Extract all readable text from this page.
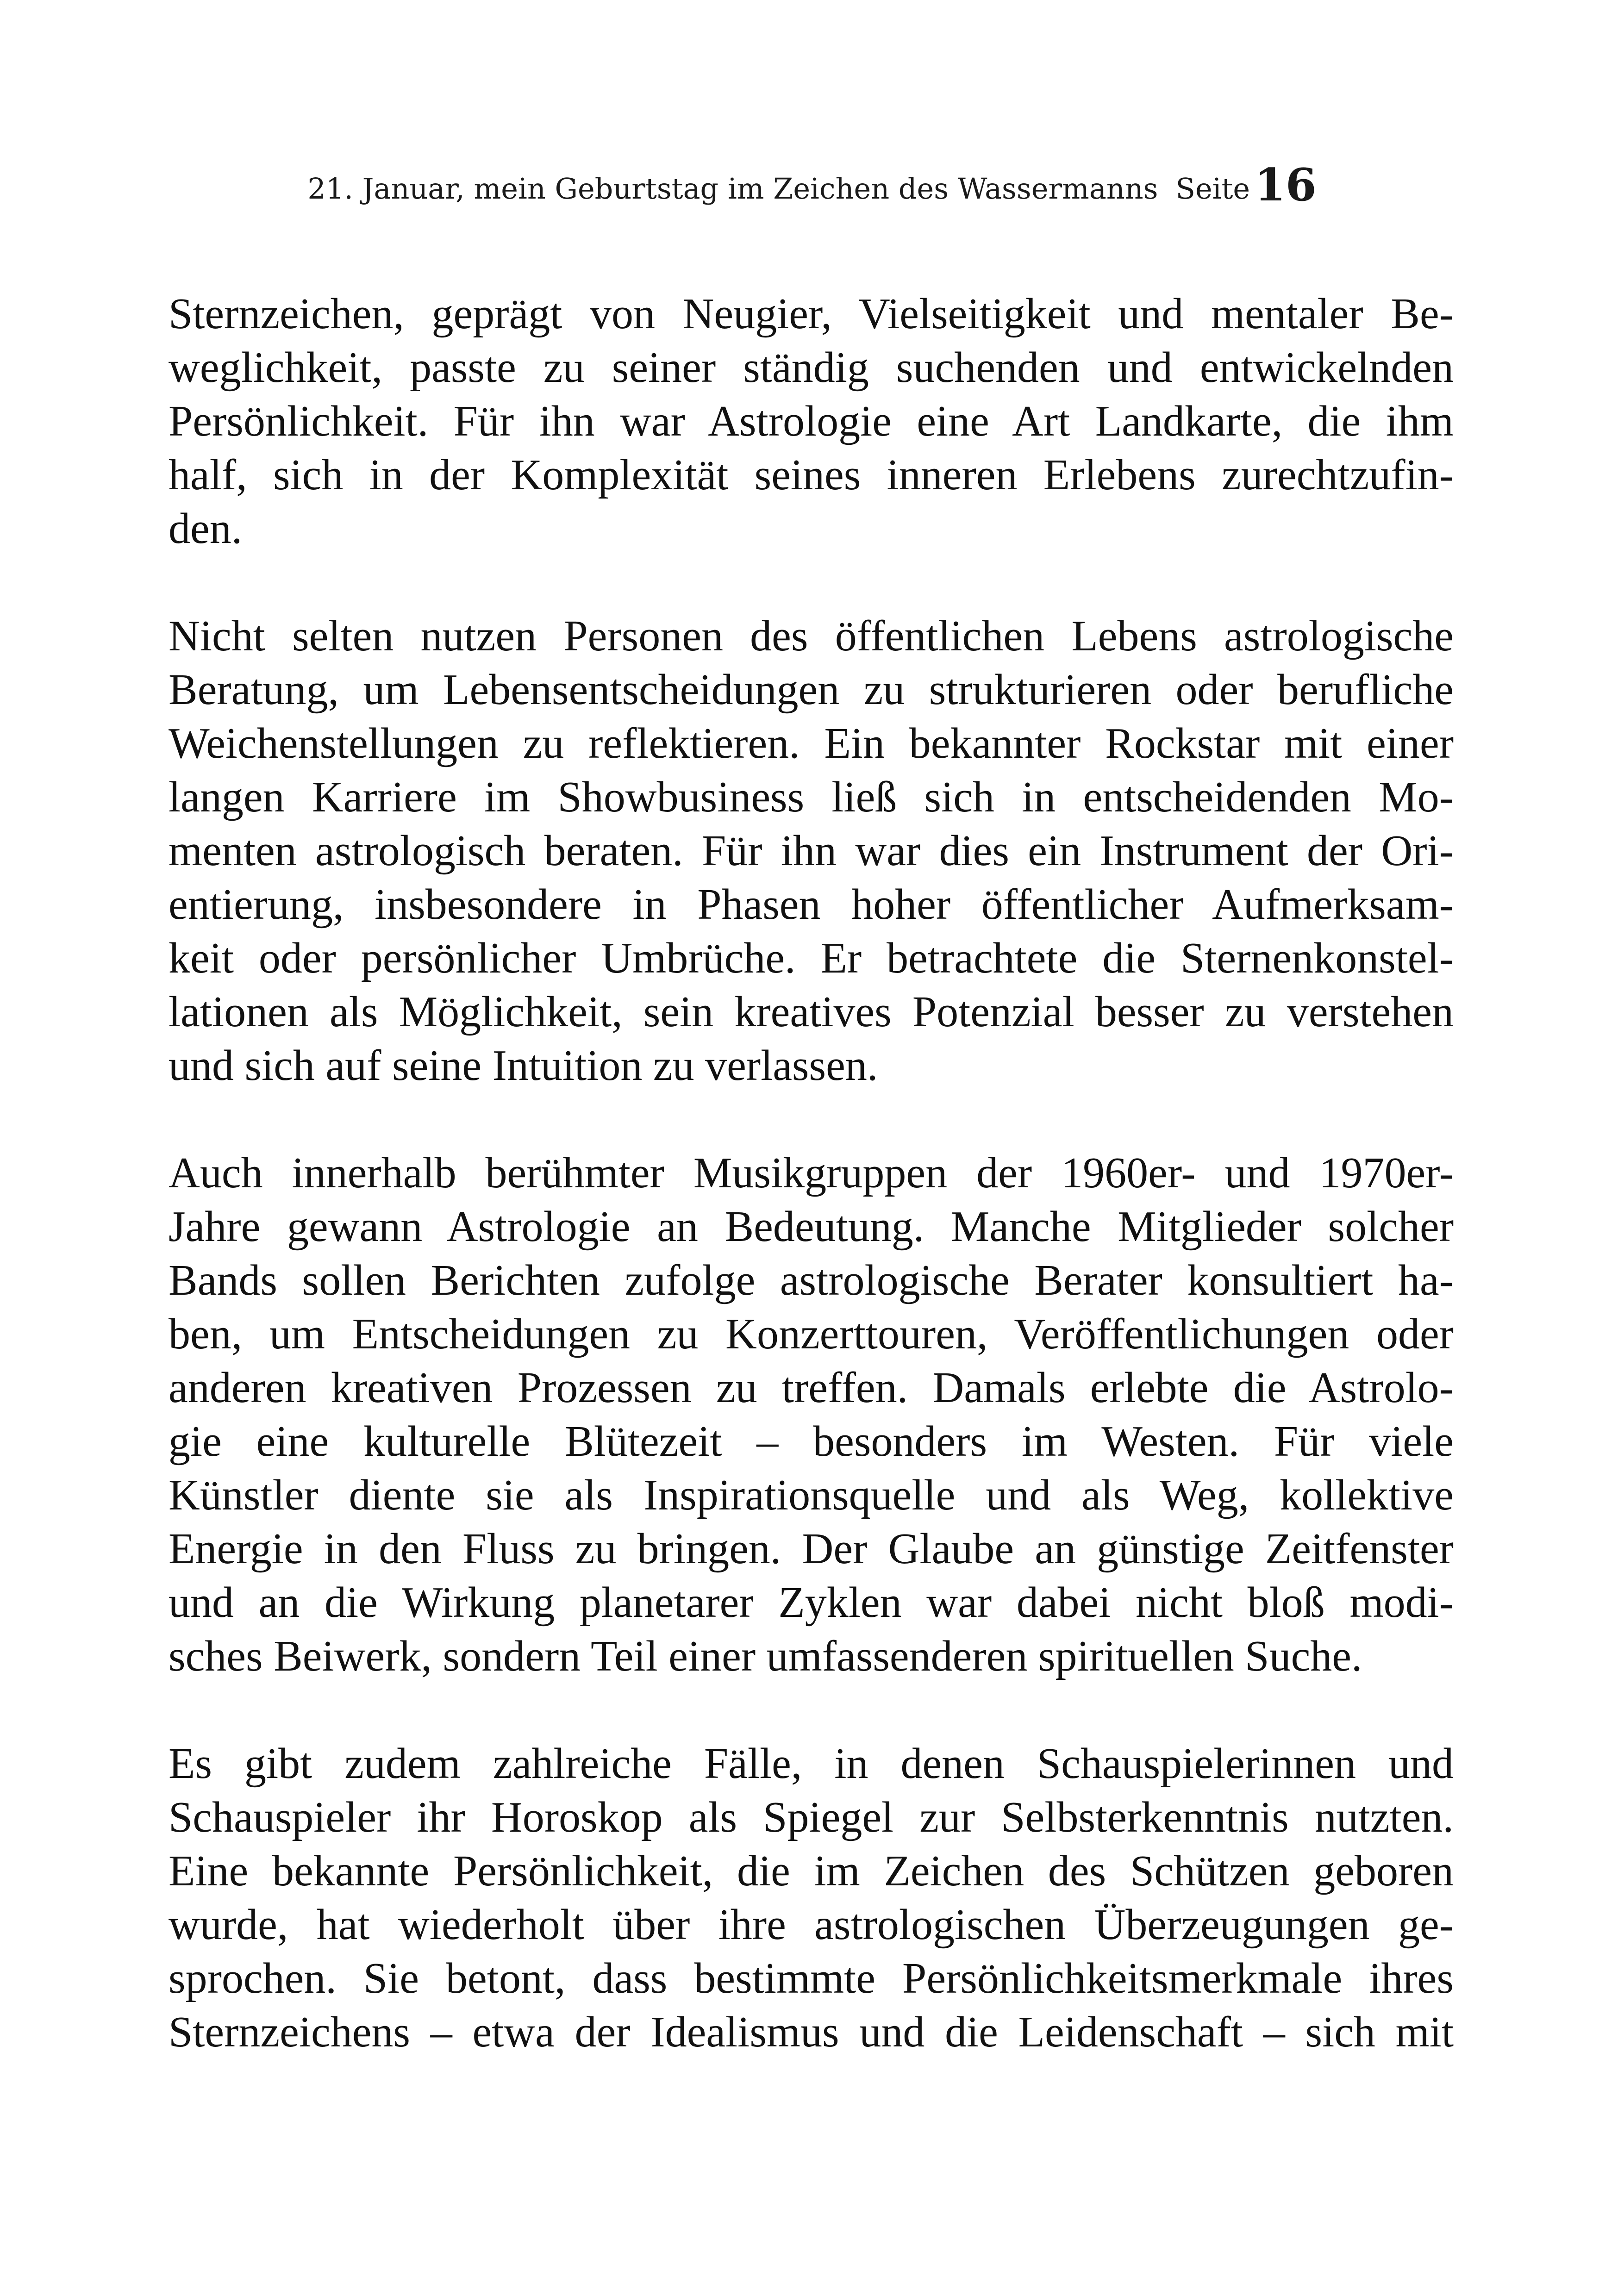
21. Januar, mein Geburtstag im Zeichen des Wassermanns Seite 16
Sternzeichen, geprägt von Neugier, Vielseitigkeit und mentaler Be-
weglichkeit, passte zu seiner ständig suchenden und entwickelnden
Persönlichkeit. Für ihn war Astrologie eine Art Landkarte, die ihm
half, sich in der Komplexität seines inneren Erlebens zurechtzufin-
den.
Nicht selten nutzen Personen des öffentlichen Lebens astrologische
Beratung, um Lebensentscheidungen zu strukturieren oder berufliche
Weichenstellungen zu reflektieren. Ein bekannter Rockstar mit einer
langen Karriere im Showbusiness ließ sich in entscheidenden Mo-
menten astrologisch beraten. Für ihn war dies ein Instrument der Ori-
entierung, insbesondere in Phasen hoher öffentlicher Aufmerksam-
keit oder persönlicher Umbrüche. Er betrachtete die Sternenkonstel-
lationen als Möglichkeit, sein kreatives Potenzial besser zu verstehen
und sich auf seine Intuition zu verlassen.
Auch innerhalb berühmter Musikgruppen der 1960er- und 1970er-
Jahre gewann Astrologie an Bedeutung. Manche Mitglieder solcher
Bands sollen Berichten zufolge astrologische Berater konsultiert ha-
ben, um Entscheidungen zu Konzerttouren, Veröffentlichungen oder
anderen kreativen Prozessen zu treffen. Damals erlebte die Astrolo-
gie eine kulturelle Blütezeit – besonders im Westen. Für viele
Künstler diente sie als Inspirationsquelle und als Weg, kollektive
Energie in den Fluss zu bringen. Der Glaube an günstige Zeitfenster
und an die Wirkung planetarer Zyklen war dabei nicht bloß modi-
sches Beiwerk, sondern Teil einer umfassenderen spirituellen Suche.
Es gibt zudem zahlreiche Fälle, in denen Schauspielerinnen und
Schauspieler ihr Horoskop als Spiegel zur Selbsterkenntnis nutzten.
Eine bekannte Persönlichkeit, die im Zeichen des Schützen geboren
wurde, hat wiederholt über ihre astrologischen Überzeugungen ge-
sprochen. Sie betont, dass bestimmte Persönlichkeitsmerkmale ihres
Sternzeichens – etwa der Idealismus und die Leidenschaft – sich mit
